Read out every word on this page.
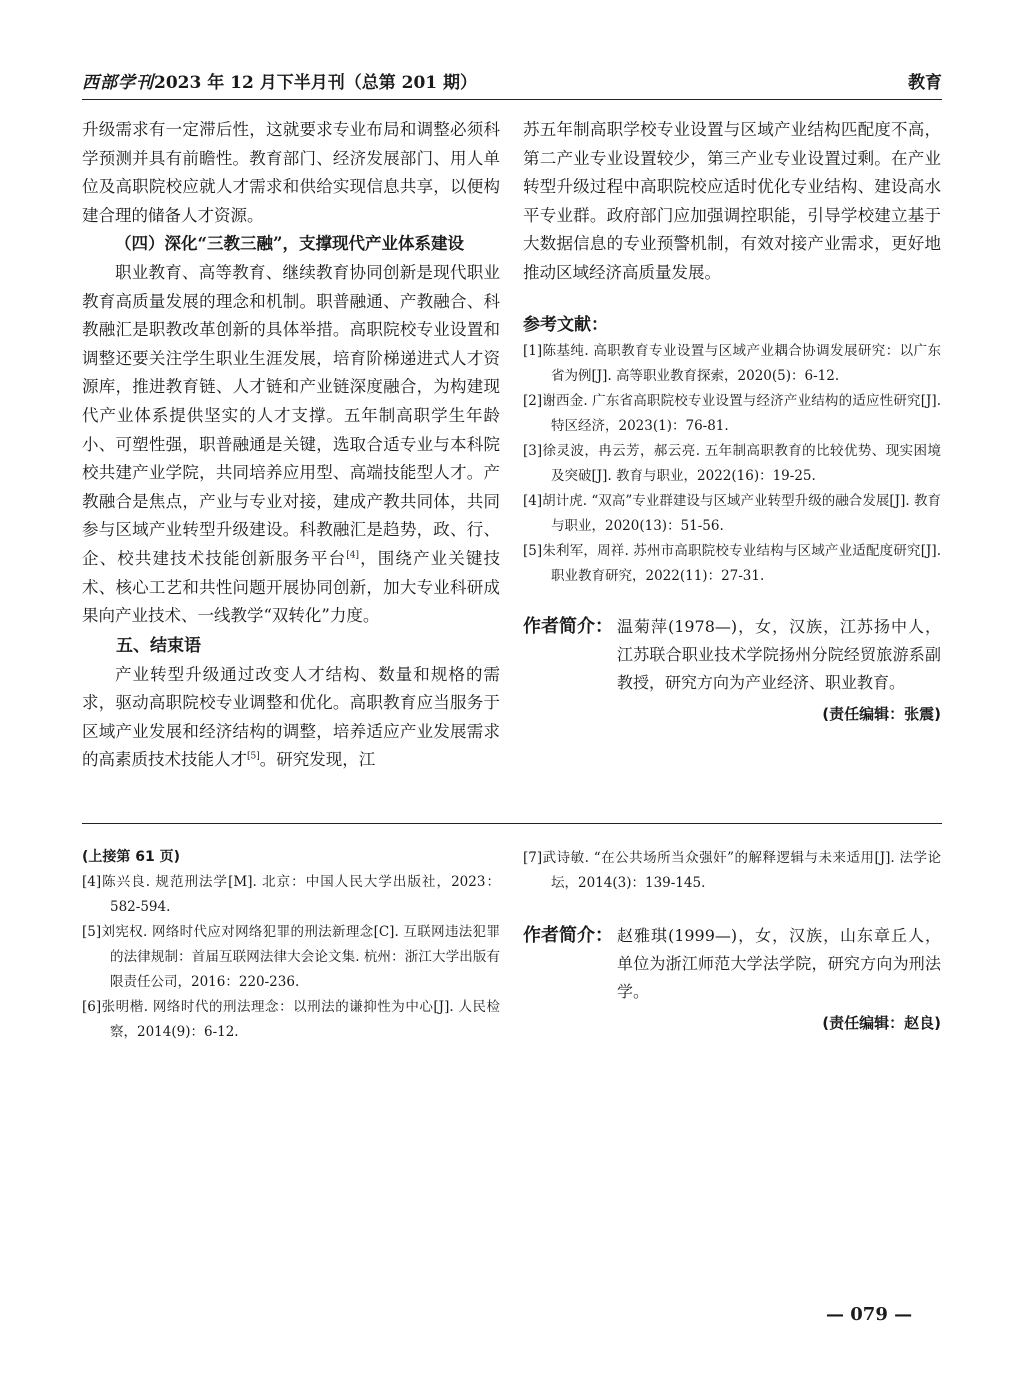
西部学刊2023 年 12 月下半月刊（总第 201 期）	教育

升级需求有一定滞后性，这就要求专业布局和调整必须科学预测并具有前瞻性。教育部门、经济发展部门、用人单位及高职院校应就人才需求和供给实现信息共享，以便构建合理的储备人才资源。

（四）深化“三教三融”，支撑现代产业体系建设

职业教育、高等教育、继续教育协同创新是现代职业教育高质量发展的理念和机制。职普融通、产教融合、科教融汇是职教改革创新的具体举措。高职院校专业设置和调整还要关注学生职业生涯发展，培育阶梯递进式人才资源库，推进教育链、人才链和产业链深度融合，为构建现代产业体系提供坚实的人才支撑。五年制高职学生年龄小、可塑性强，职普融通是关键，选取合适专业与本科院校共建产业学院，共同培养应用型、高端技能型人才。产教融合是焦点，产业与专业对接，建成产教共同体，共同参与区域产业转型升级建设。科教融汇是趋势，政、行、企、校共建技术技能创新服务平台[4]，围绕产业关键技术、核心工艺和共性问题开展协同创新，加大专业科研成果向产业技术、一线教学“双转化”力度。

五、结束语

产业转型升级通过改变人才结构、数量和规格的需求，驱动高职院校专业调整和优化。高职教育应当服务于区域产业发展和经济结构的调整，培养适应产业发展需求的高素质技术技能人才[5]。研究发现，江

苏五年制高职学校专业设置与区域产业结构匹配度不高，第二产业专业设置较少，第三产业专业设置过剩。在产业转型升级过程中高职院校应适时优化专业结构、建设高水平专业群。政府部门应加强调控职能，引导学校建立基于大数据信息的专业预警机制，有效对接产业需求，更好地推动区域经济高质量发展。

参考文献：

[1]陈基纯. 高职教育专业设置与区域产业耦合协调发展研究：以广东省为例[J]. 高等职业教育探索，2020(5)：6-12.
[2]谢西金. 广东省高职院校专业设置与经济产业结构的适应性研究[J]. 特区经济，2023(1)：76-81.
[3]徐灵波，冉云芳，郝云亮. 五年制高职教育的比较优势、现实困境及突破[J]. 教育与职业，2022(16)：19-25.
[4]胡计虎. “双高”专业群建设与区域产业转型升级的融合发展[J]. 教育与职业，2020(13)：51-56.
[5]朱利军，周祥. 苏州市高职院校专业结构与区域产业适配度研究[J]. 职业教育研究，2022(11)：27-31.
作者简介： 温菊萍(1978—)，女，汉族，江苏扬中人，江苏联合职业技术学院扬州分院经贸旅游系副教授，研究方向为产业经济、职业教育。
(责任编辑：张震)

(上接第 61 页)

[4]陈兴良. 规范刑法学[M]. 北京：中国人民大学出版社，2023：582-594.
[5]刘宪权. 网络时代应对网络犯罪的刑法新理念[C]. 互联网违法犯罪的法律规制：首届互联网法律大会论文集. 杭州：浙江大学出版有限责任公司，2016：220-236.
[6]张明楷. 网络时代的刑法理念：以刑法的谦抑性为中心[J]. 人民检察，2014(9)：6-12.
[7]武诗敏. “在公共场所当众强奸”的解释逻辑与未来适用[J]. 法学论坛，2014(3)：139-145.
作者简介： 赵雅琪(1999—)，女，汉族，山东章丘人，单位为浙江师范大学法学院，研究方向为刑法学。
(责任编辑：赵良)
— 079 —
